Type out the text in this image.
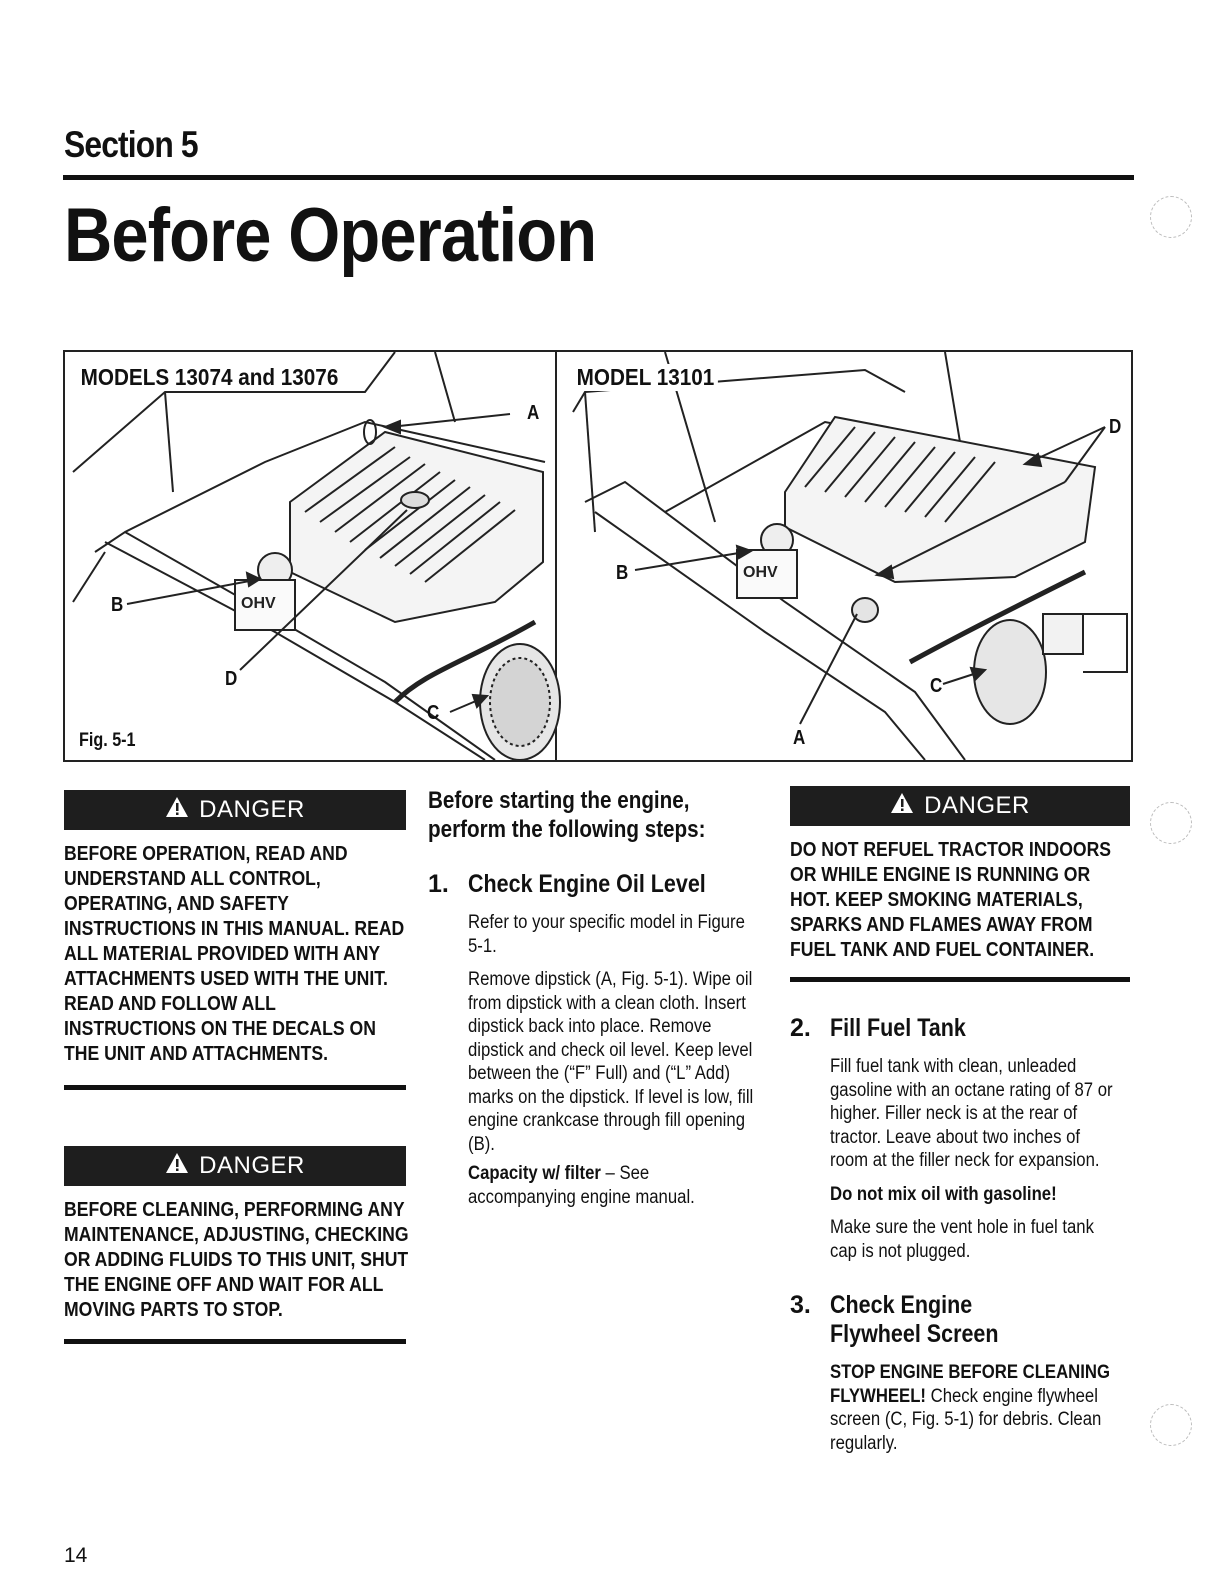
Section 5
Before Operation
OHV
OHV
MODELS 13074 and 13076	MODEL 13101
A
B
C
D
A
B
C
D
Fig. 5-1
DANGER
BEFORE OPERATION, READ AND UNDERSTAND ALL CONTROL, OPERATING, AND SAFETY INSTRUCTIONS IN THIS MANUAL. READ ALL MATERIAL PROVIDED WITH ANY ATTACHMENTS USED WITH THE UNIT. READ AND FOLLOW ALL INSTRUCTIONS ON THE DECALS ON THE UNIT AND ATTACHMENTS.
DANGER
BEFORE CLEANING, PERFORMING ANY MAINTENANCE, ADJUSTING, CHECKING OR ADDING FLUIDS TO THIS UNIT, SHUT THE ENGINE OFF AND WAIT FOR ALL MOVING PARTS TO STOP.
Before starting the engine, perform the following steps:
1. Check Engine Oil Level
Refer to your specific model in Figure 5-1.
Remove dipstick (A, Fig. 5-1). Wipe oil from dipstick with a clean cloth. Insert dipstick back into place. Remove dipstick and check oil level. Keep level between the (“F” Full) and (“L” Add) marks on the dipstick. If level is low, fill engine crankcase through fill opening (B).
Capacity w/ filter – See accompanying engine manual.
DANGER
DO NOT REFUEL TRACTOR INDOORS OR WHILE ENGINE IS RUNNING OR HOT. KEEP SMOKING MATERIALS, SPARKS AND FLAMES AWAY FROM FUEL TANK AND FUEL CONTAINER.
2. Fill Fuel Tank
Fill fuel tank with clean, unleaded gasoline with an octane rating of 87 or higher. Filler neck is at the rear of tractor. Leave about two inches of room at the filler neck for expansion.
Do not mix oil with gasoline!
Make sure the vent hole in fuel tank cap is not plugged.
3. Check Engine Flywheel Screen
STOP ENGINE BEFORE CLEANING FLYWHEEL! Check engine flywheel screen (C, Fig. 5-1) for debris. Clean regularly.
14
